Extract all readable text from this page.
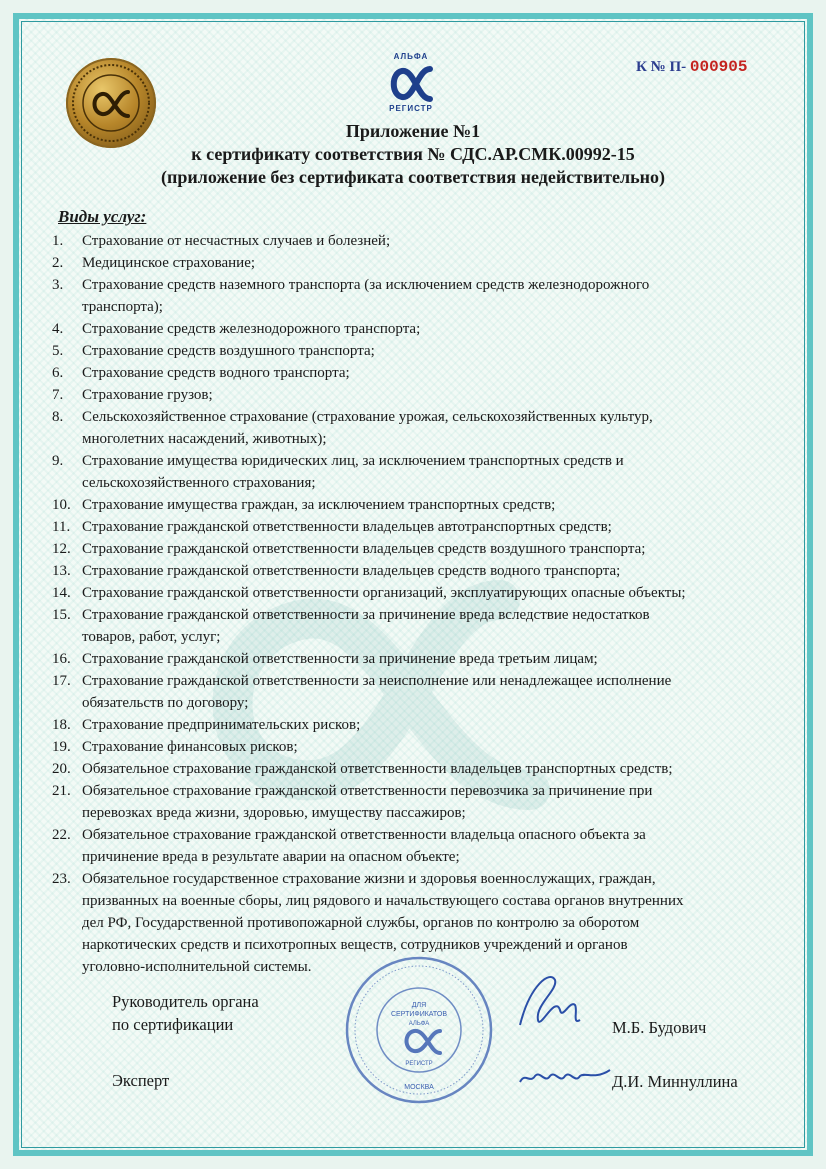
АЛЬФА
РЕГИСТР
К № П- 000905
Приложение №1
к сертификату соответствия № СДС.АР.СМК.00992-15
(приложение без сертификата соответствия недействительно)
Виды услуг:
1.	Страхование от несчастных случаев и болезней;
2.	Медицинское страхование;
3.	Страхование средств наземного транспорта (за исключением средств железнодорожного
транспорта);
4.	Страхование средств железнодорожного транспорта;
5.	Страхование средств воздушного транспорта;
6.	Страхование средств водного транспорта;
7.	Страхование грузов;
8.	Сельскохозяйственное страхование (страхование урожая, сельскохозяйственных культур,
многолетних насаждений, животных);
9.	Страхование имущества юридических лиц, за исключением транспортных средств и
сельскохозяйственного страхования;
10. Страхование имущества граждан, за исключением транспортных средств;
11. Страхование гражданской ответственности владельцев автотранспортных средств;
12. Страхование гражданской ответственности владельцев средств воздушного транспорта;
13. Страхование гражданской ответственности владельцев средств водного транспорта;
14. Страхование гражданской ответственности организаций, эксплуатирующих опасные объекты;
15. Страхование гражданской ответственности за причинение вреда вследствие недостатков
товаров, работ, услуг;
16. Страхование гражданской ответственности за причинение вреда третьим лицам;
17. Страхование гражданской ответственности за неисполнение или ненадлежащее исполнение
обязательств по договору;
18. Страхование предпринимательских рисков;
19. Страхование финансовых рисков;
20. Обязательное страхование гражданской ответственности владельцев транспортных средств;
21. Обязательное страхование гражданской ответственности перевозчика за причинение при
перевозках вреда жизни, здоровью, имуществу пассажиров;
22. Обязательное страхование гражданской ответственности владельца опасного объекта за
причинение вреда в результате аварии на опасном объекте;
23. Обязательное государственное страхование жизни и здоровья военнослужащих, граждан,
призванных на военные сборы, лиц рядового и начальствующего состава органов внутренних
дел РФ, Государственной противопожарной службы, органов по контролю за оборотом
наркотических средств и психотропных веществ, сотрудников учреждений и органов
уголовно-исполнительной системы.
Руководитель органа
по сертификации
Эксперт
М.Б. Будович
Д.И. Миннуллина
ДЛЯ
СЕРТИФИКАТОВ
АЛЬФА
РЕГИСТР
МОСКВА
